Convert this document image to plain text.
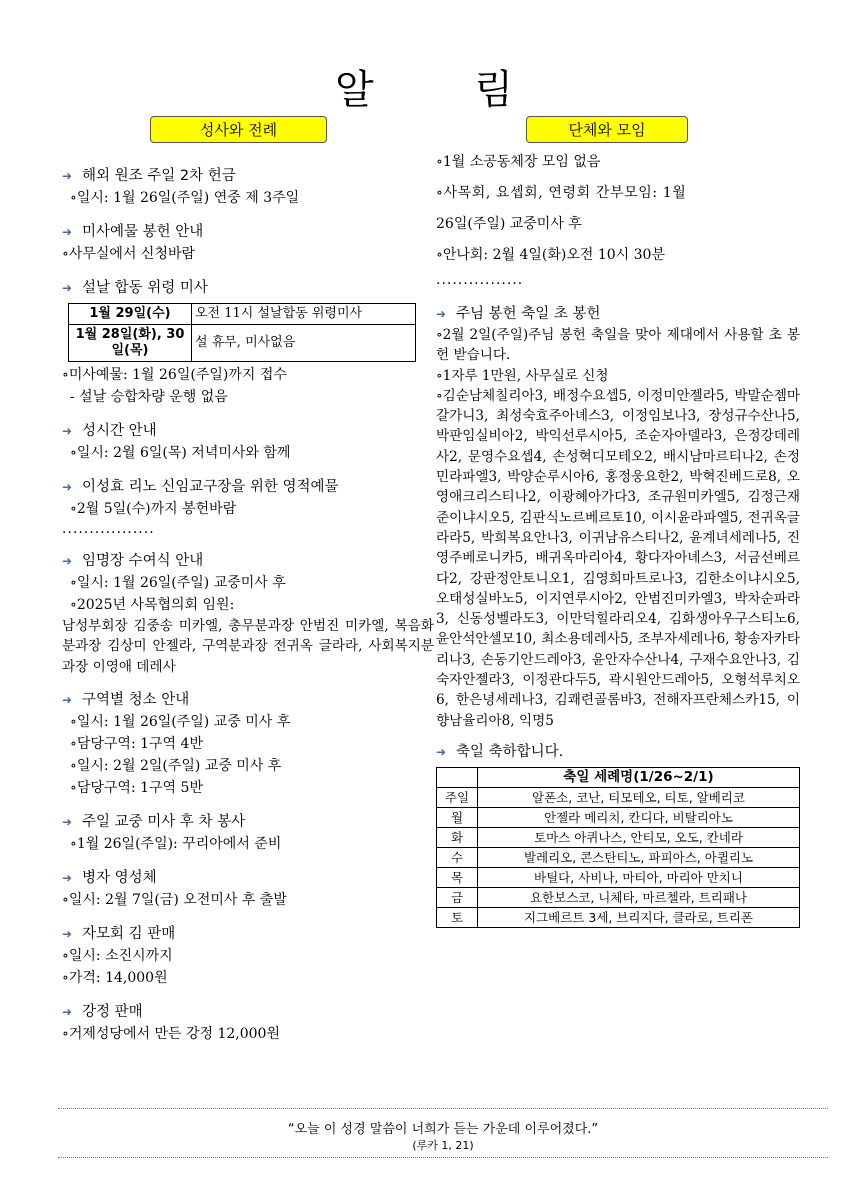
알 림
성사와 전례
➜ 해외 원조 주일 2차 헌금
∘일시: 1월 26일(주일) 연중 제 3주일
➜ 미사예물 봉헌 안내
∘사무실에서 신청바람
➜ 설날 합동 위령 미사
1월 29일(수)	오전 11시 설날합동 위령미사
1월 28일(화), 30일(목)	설 휴무, 미사없음
∘미사예물: 1월 26일(주일)까지 접수
- 설날 승합차량 운행 없음
➜ 성시간 안내
∘일시: 2월 6일(목) 저녁미사와 함께
➜ 이성효 리노 신임교구장을 위한 영적예물
∘2월 5일(수)까지 봉헌바람
.................
➜ 임명장 수여식 안내
∘일시: 1월 26일(주일) 교중미사 후
∘2025년 사목협의회 임원:
남성부회장 김중송 미카엘, 총무분과장 안범진 미카엘, 복음화분과장 김상미 안젤라, 구역분과장 전귀옥 글라라, 사회복지분과장 이영애 데레사
➜ 구역별 청소 안내
∘일시: 1월 26일(주일) 교중 미사 후
∘담당구역: 1구역 4반
∘일시: 2월 2일(주일) 교중 미사 후
∘담당구역: 1구역 5반
➜ 주일 교중 미사 후 차 봉사
∘1월 26일(주일): 꾸리아에서 준비
➜ 병자 영성체
∘일시: 2월 7일(금) 오전미사 후 출발
➜ 자모회 김 판매
∘일시: 소진시까지
∘가격: 14,000원
➜ 강정 판매
∘거제성당에서 만든 강정 12,000원
단체와 모임
∘1월 소공동체장 모임 없음
∘사목회, 요셉회, 연령회 간부모임: 1월
26일(주일) 교중미사 후
∘안나회: 2월 4일(화)오전 10시 30분
................
➜ 주님 봉헌 축일 초 봉헌
∘2월 2일(주일)주님 봉헌 축일을 맞아 제대에서 사용할 초 봉헌 받습니다.
∘1자루 1만원, 사무실로 신청
∘김순남체칠리아3, 배정수요셉5, 이정미안젤라5, 박말순젬마갈가니3, 최성숙효주아녜스3, 이정임보나3, 장성규수산나5, 박판임실비아2, 박익선루시아5, 조순자아델라3, 은정강데레사2, 문영수요셉4, 손성혁디모테오2, 배시남마르티나2, 손정민라파엘3, 박양순루시아6, 홍정웅요한2, 박혁진베드로8, 오영애크리스티나2, 이광혜아가다3, 조규원미카엘5, 김정근재준이냐시오5, 김판식노르베르토10, 이시윤라파엘5, 전귀옥글라라5, 박희복요안나3, 이귀남유스티나2, 윤계녀세레나5, 진영주베로니카5, 배귀옥마리아4, 황다자아녜스3, 서금선베르다2, 강판정안토니오1, 김영희마트로나3, 김한소이냐시오5, 오태성실바노5, 이지연루시아2, 안범진미카엘3, 박차순파라3, 신동성벨라도3, 이만덕힐라리오4, 김화생아우구스티노6, 윤안석안셀모10, 최소용데레사5, 조부자세레나6, 황송자카타리나3, 손동기안드레아3, 윤안자수산나4, 구재수요안나3, 김숙자안젤라3, 이정관다두5, 곽시원안드레아5, 오형석루치오6, 한은녕세레나3, 김쾌련골롬바3, 전해자프란체스카15, 이향남율리아8, 익명5
➜ 축일 축하합니다.
	축일 세례명(1/26~2/1)
주일	알폰소, 코난, 티모테오, 티토, 알베리코
월	안젤라 메리치, 칸디다, 비탈리아노
화	토마스 아퀴나스, 안티모, 오도, 칸네라
수	발레리오, 콘스탄티노, 파피아스, 아퀼리노
목	바틸다, 사비나, 마티아, 마리아 만치니
금	요한보스코, 니체타, 마르첼라, 트리패나
토	지그베르트 3세, 브리지다, 클라로, 트리폰
“오늘 이 성경 말씀이 너희가 듣는 가운데 이루어졌다.”
(루카 1, 21)
